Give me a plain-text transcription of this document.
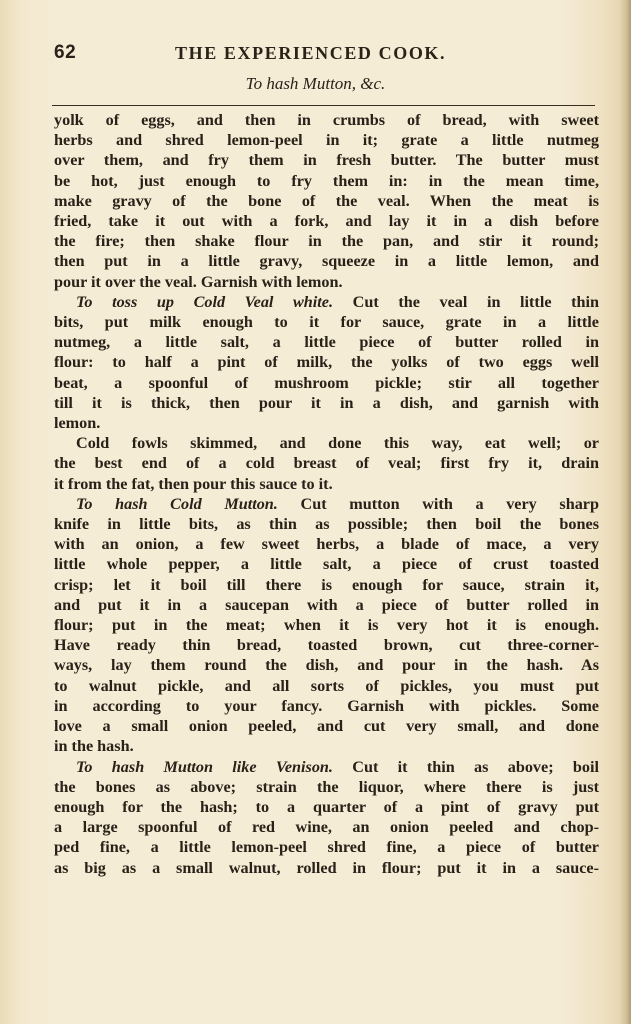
62	THE EXPERIENCED COOK.
To hash Mutton, &c.
yolk of eggs, and then in crumbs of bread, with sweet
herbs and shred lemon-peel in it; grate a little nutmeg
over them, and fry them in fresh butter. The butter must
be hot, just enough to fry them in: in the mean time,
make gravy of the bone of the veal. When the meat is
fried, take it out with a fork, and lay it in a dish before
the fire; then shake flour in the pan, and stir it round;
then put in a little gravy, squeeze in a little lemon, and
pour it over the veal. Garnish with lemon.
To toss up Cold Veal white. Cut the veal in little thin
bits, put milk enough to it for sauce, grate in a little
nutmeg, a little salt, a little piece of butter rolled in
flour: to half a pint of milk, the yolks of two eggs well
beat, a spoonful of mushroom pickle; stir all together
till it is thick, then pour it in a dish, and garnish with
lemon.
Cold fowls skimmed, and done this way, eat well; or
the best end of a cold breast of veal; first fry it, drain
it from the fat, then pour this sauce to it.
To hash Cold Mutton. Cut mutton with a very sharp
knife in little bits, as thin as possible; then boil the bones
with an onion, a few sweet herbs, a blade of mace, a very
little whole pepper, a little salt, a piece of crust toasted
crisp; let it boil till there is enough for sauce, strain it,
and put it in a saucepan with a piece of butter rolled in
flour; put in the meat; when it is very hot it is enough.
Have ready thin bread, toasted brown, cut three-corner-
ways, lay them round the dish, and pour in the hash. As
to walnut pickle, and all sorts of pickles, you must put
in according to your fancy. Garnish with pickles. Some
love a small onion peeled, and cut very small, and done
in the hash.
To hash Mutton like Venison. Cut it thin as above; boil
the bones as above; strain the liquor, where there is just
enough for the hash; to a quarter of a pint of gravy put
a large spoonful of red wine, an onion peeled and chop-
ped fine, a little lemon-peel shred fine, a piece of butter
as big as a small walnut, rolled in flour; put it in a sauce-
